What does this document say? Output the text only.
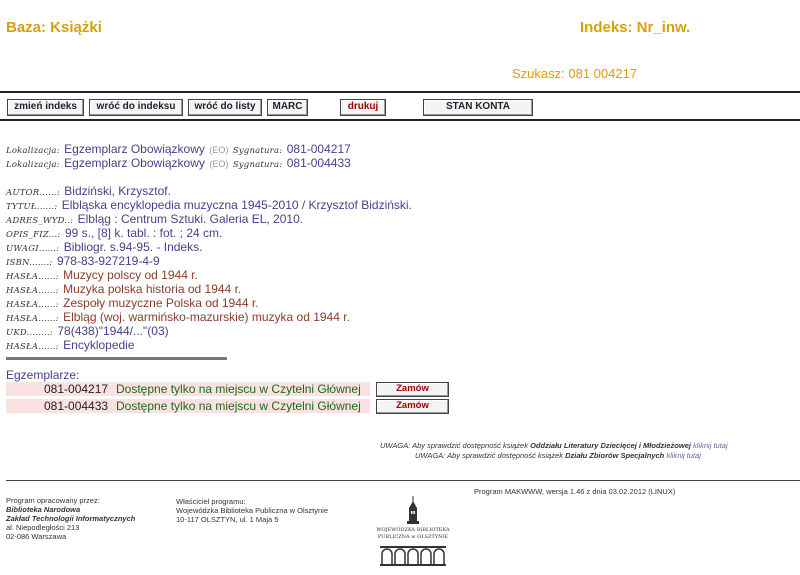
Baza: Książki	Indeks: Nr_inw.
Szukasz: 081 004217
zmień indeks	wróć do indeksu	wróć do listy	MARC	drukuj	STAN KONTA
Lokalizacja: Egzemplarz Obowiązkowy (EO) Sygnatura: 081-004217
Lokalizacja: Egzemplarz Obowiązkowy (EO) Sygnatura: 081-004433
AUTOR......: Bidziński, Krzysztof.
TYTUŁ......: Elbląska encyklopedia muzyczna 1945-2010 / Krzysztof Bidziński.
ADRES_WYD..: Elbląg : Centrum Sztuki. Galeria EL, 2010.
OPIS_FIZ...: 99 s., [8] k. tabl. : fot. ; 24 cm.
UWAGI......: Bibliogr. s.94-95. - Indeks.
ISBN.......: 978-83-927219-4-9
HASŁA......: Muzycy polscy od 1944 r.
HASŁA......: Muzyka polska historia od 1944 r.
HASŁA......: Zespoły muzyczne Polska od 1944 r.
HASŁA......: Elbląg (woj. warmińsko-mazurskie) muzyka od 1944 r.
UKD........: 78(438)"1944/..."(03)
HASŁA......: Encyklopedie
Egzemplarze:
081-004217 Dostępne tylko na miejscu w Czytelni Głównej	Zamów
081-004433 Dostępne tylko na miejscu w Czytelni Głównej	Zamów
UWAGA: Aby sprawdzić dostępność książek Oddziału Literatury Dziecięcej i Młodzieżowej kliknij tutaj
UWAGA: Aby sprawdzić dostępność książek Działu Zbiorów Specjalnych kliknij tutaj
Program MAKWWW, wersja 1.46 z dnia 03.02.2012 (LINUX)
Program opracowany przez:
Biblioteka Narodowa
Zakład Technologii Informatycznych
al. Niepodległości 213
02-086 Warszawa
Właściciel programu:
Wojewódzka Biblioteka Publiczna w Olsztynie
10-117 OLSZTYN, ul. 1 Maja 5
WOJEWÓDZKA BIBLIOTEKA
PUBLICZNA w OLSZTYNIE
